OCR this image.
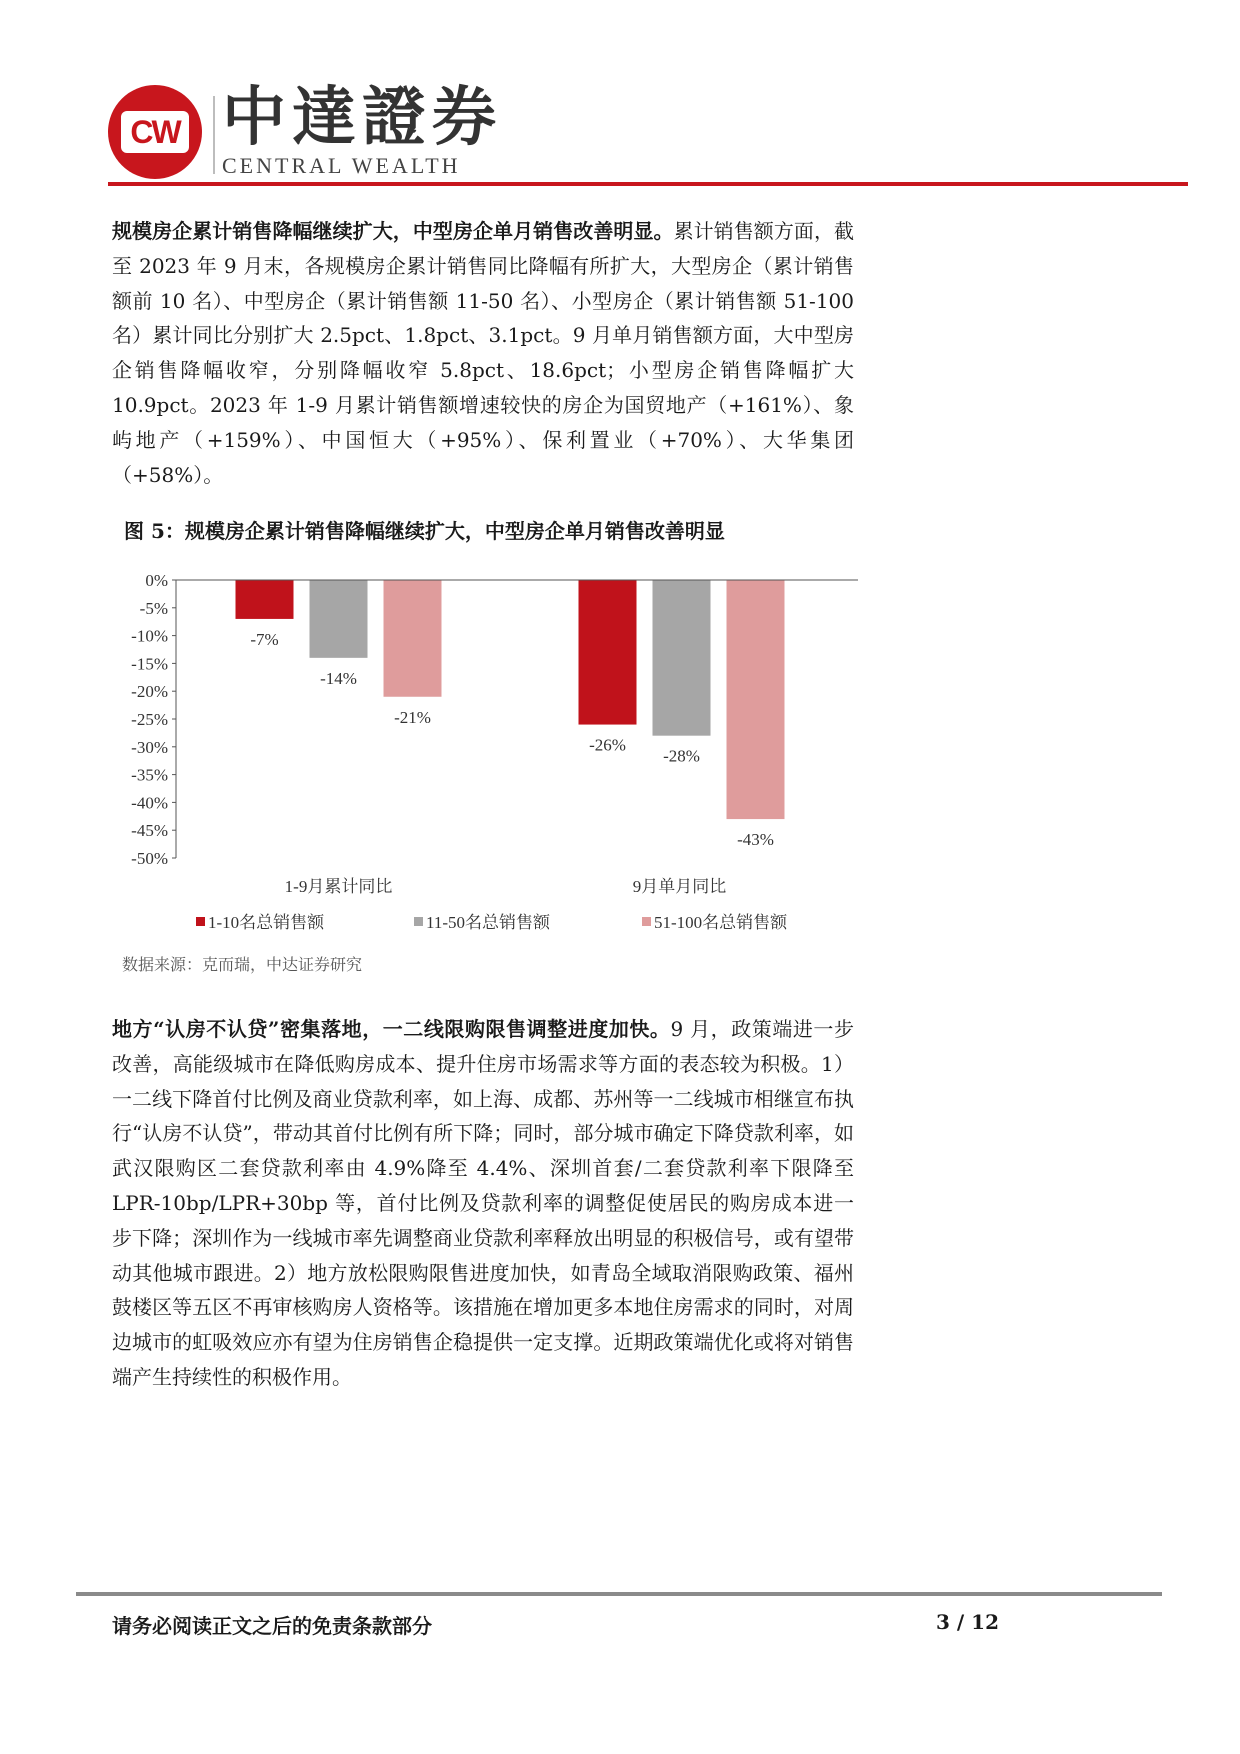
CW 中達證券
CENTRAL WEALTH

规模房企累计销售降幅继续扩大，中型房企单月销售改善明显。累计销售额方面，截至 2023 年 9 月末，各规模房企累计销售同比降幅有所扩大，大型房企（累计销售额前 10 名）、中型房企（累计销售额 11-50 名）、小型房企（累计销售额 51-100 名）累计同比分别扩大 2.5pct、1.8pct、3.1pct。9 月单月销售额方面，大中型房企销售降幅收窄，分别降幅收窄 5.8pct、18.6pct；小型房企销售降幅扩大 10.9pct。2023 年 1-9 月累计销售额增速较快的房企为国贸地产（+161%）、象屿地产（+159%）、中国恒大（+95%）、保利置业（+70%）、大华集团（+58%）。

图 5：规模房企累计销售降幅继续扩大，中型房企单月销售改善明显
0%
-5%
-10%
-15%
-20%
-25%
-30%
-35%
-40%
-45%
-50%
-7%
-14%
-21%
-26%
-28%
-43%
1-9月累计同比	9月单月同比
1-10名总销售额	11-50名总销售额	51-100名总销售额
数据来源：克而瑞，中达证券研究

地方“认房不认贷”密集落地，一二线限购限售调整进度加快。9 月，政策端进一步改善，高能级城市在降低购房成本、提升住房市场需求等方面的表态较为积极。1）一二线下降首付比例及商业贷款利率，如上海、成都、苏州等一二线城市相继宣布执行“认房不认贷”，带动其首付比例有所下降；同时，部分城市确定下降贷款利率，如武汉限购区二套贷款利率由 4.9%降至 4.4%、深圳首套/二套贷款利率下限降至 LPR-10bp/LPR+30bp 等，首付比例及贷款利率的调整促使居民的购房成本进一步下降；深圳作为一线城市率先调整商业贷款利率释放出明显的积极信号，或有望带动其他城市跟进。2）地方放松限购限售进度加快，如青岛全域取消限购政策、福州鼓楼区等五区不再审核购房人资格等。该措施在增加更多本地住房需求的同时，对周边城市的虹吸效应亦有望为住房销售企稳提供一定支撑。近期政策端优化或将对销售端产生持续性的积极作用。

请务必阅读正文之后的免责条款部分	3 / 12
